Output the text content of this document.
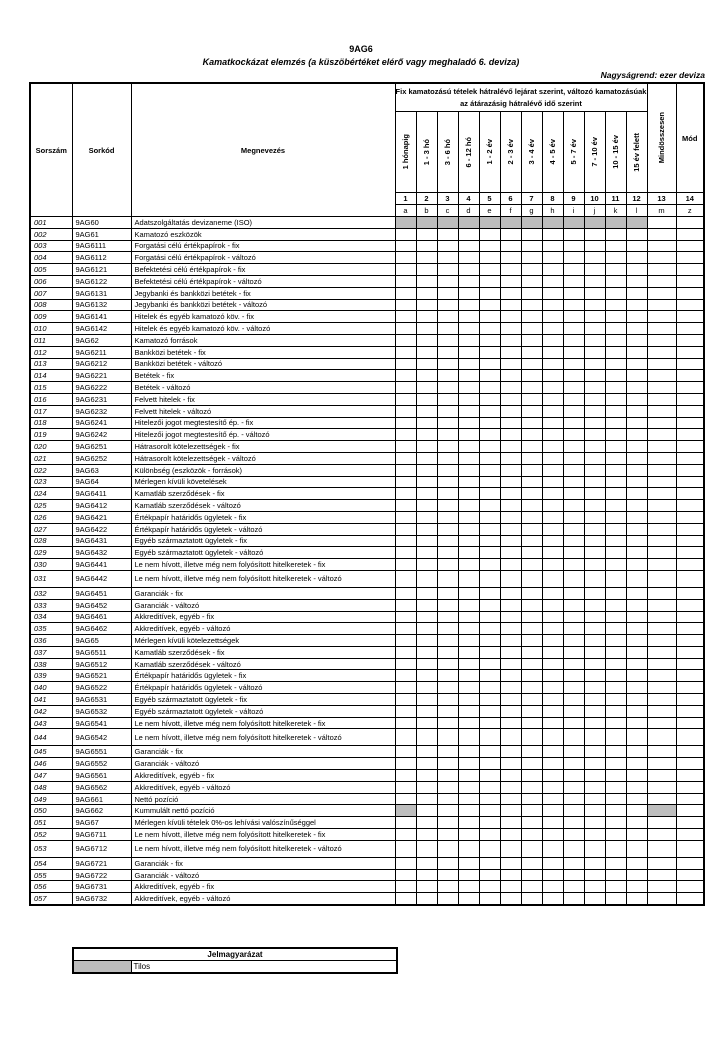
9AG6
Kamatkockázat elemzés (a küszöbértéket elérő vagy meghaladó 6. deviza)
Nagyságrend: ezer deviza
Sorszám	Sorkód	Megnevezés	Fix kamatozású tételek hátralévő lejárat szerint, változó kamatozásúak az átárazásig hátralévő idő szerint												Mindösszesen	Mód

			1 hónapig	1 - 3 hó	3 - 6 hó	6 - 12 hó	1 - 2 év	2 - 3 év	3 - 4 év	4 - 5 év	5 - 7 év	7 - 10 év	10 - 15 év	15 év felett		

			1	2	3	4	5	6	7	8	9	10	11	12	13	14
			a	b	c	d	e	f	g	h	i	j	k	l	m	z
001	9AG60	Adatszolgáltatás devizaneme (ISO)														
002	9AG61	Kamatozó eszközök														
003	9AG6111	Forgatási célú értékpapírok - fix														
004	9AG6112	Forgatási célú értékpapírok - változó														
005	9AG6121	Befektetési célú értékpapírok - fix														
006	9AG6122	Befektetési célú értékpapírok - változó														
007	9AG6131	Jegybanki és bankközi betétek - fix														
008	9AG6132	Jegybanki és bankközi betétek - változó														
009	9AG6141	Hitelek és egyéb kamatozó köv. - fix														
010	9AG6142	Hitelek és egyéb kamatozó köv. - változó														
011	9AG62	Kamatozó források														
012	9AG6211	Bankközi betétek - fix														
013	9AG6212	Bankközi betétek - változó														
014	9AG6221	Betétek - fix														
015	9AG6222	Betétek - változó														
016	9AG6231	Felvett hitelek - fix														
017	9AG6232	Felvett hitelek - változó														
018	9AG6241	Hitelezői jogot megtestesítő ép. - fix														
019	9AG6242	Hitelezői jogot megtestesítő ép. - változó														
020	9AG6251	Hátrasorolt kötelezettségek - fix														
021	9AG6252	Hátrasorolt kötelezettségek - változó														
022	9AG63	Különbség (eszközök - források)														
023	9AG64	Mérlegen kívüli követelések														
024	9AG6411	Kamatláb szerződések - fix														
025	9AG6412	Kamatláb szerződések - változó														
026	9AG6421	Értékpapír határidős ügyletek - fix														
027	9AG6422	Értékpapír határidős ügyletek - változó														
028	9AG6431	Egyéb származtatott ügyletek - fix														
029	9AG6432	Egyéb származtatott ügyletek - változó														
030	9AG6441	Le nem hívott, illetve még nem folyósított hitelkeretek - fix														
031	9AG6442	Le nem hívott, illetve még nem folyósított hitelkeretek - változó														
032	9AG6451	Garanciák - fix														
033	9AG6452	Garanciák - változó														
034	9AG6461	Akkreditívek, egyéb - fix														
035	9AG6462	Akkreditívek, egyéb - változó														
036	9AG65	Mérlegen kívüli kötelezettségek														
037	9AG6511	Kamatláb szerződések - fix														
038	9AG6512	Kamatláb szerződések - változó														
039	9AG6521	Értékpapír határidős ügyletek - fix														
040	9AG6522	Értékpapír határidős ügyletek - változó														
041	9AG6531	Egyéb származtatott ügyletek - fix														
042	9AG6532	Egyéb származtatott ügyletek - változó														
043	9AG6541	Le nem hívott, illetve még nem folyósított hitelkeretek - fix														
044	9AG6542	Le nem hívott, illetve még nem folyósított hitelkeretek - változó														
045	9AG6551	Garanciák - fix														
046	9AG6552	Garanciák - változó														
047	9AG6561	Akkreditívek, egyéb - fix														
048	9AG6562	Akkreditívek, egyéb - változó														
049	9AG661	Nettó pozíció														
050	9AG662	Kummulált nettó pozíció														
051	9AG67	Mérlegen kívüli tételek 0%-os lehívási valószínűséggel														
052	9AG6711	Le nem hívott, illetve még nem folyósított hitelkeretek - fix														
053	9AG6712	Le nem hívott, illetve még nem folyósított hitelkeretek - változó														
054	9AG6721	Garanciák - fix														
055	9AG6722	Garanciák - változó														
056	9AG6731	Akkreditívek, egyéb - fix														
057	9AG6732	Akkreditívek, egyéb - változó														
Jelmagyarázat
	Tilos
